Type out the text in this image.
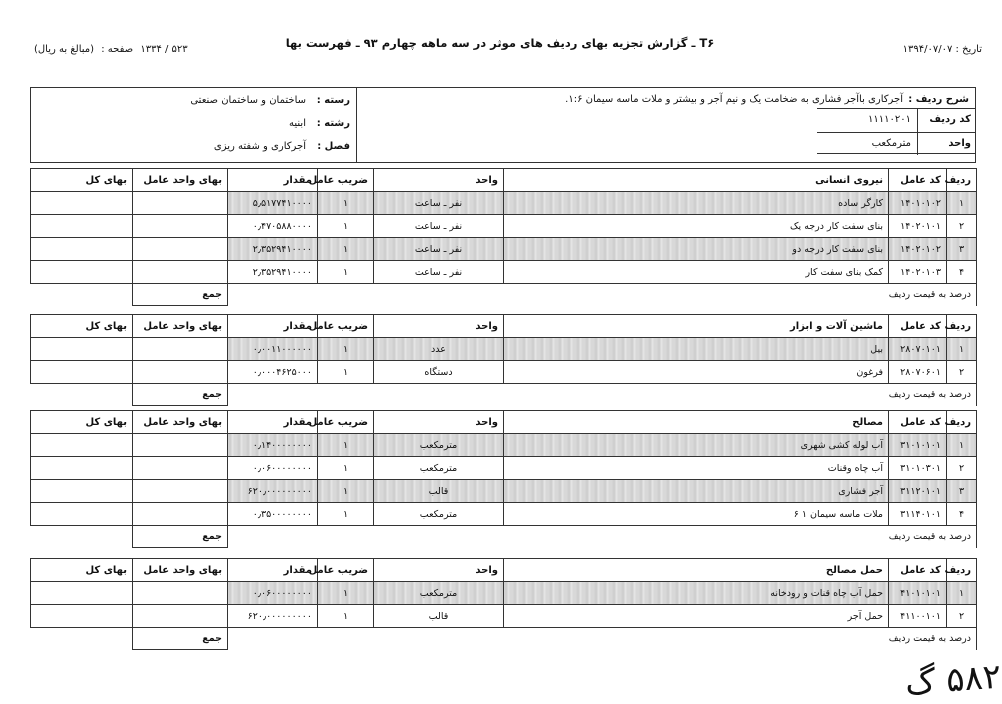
T۶ ـ گزارش تجزیه بهای ردیف های موثر در سه ماهه چهارم ۹۳ ـ فهرست بها	تاریخ : ۱۳۹۴/۰۷/۰۷
۵۲۳ / ۱۳۳۴ صفحه : (مبالغ به ریال)
شرح ردیف :
آجرکاری باآجر فشاری به ضخامت یک و نیم آجر و بیشتر و ملات ماسه سیمان ۱:۶.
کد ردیف
۱۱۱۱۰۲۰۱
واحد
مترمکعب
رسته :
ساختمان و ساختمان صنعتی
رشته :
ابنیه
فصل :
آجرکاری و شفته ریزی
ردیف	کد عامل	نیروی انسانی	واحد	ضریب عامل	مقدار	بهای واحد عامل	بهای کل
۱	۱۴۰۱۰۱۰۲	کارگر ساده	نفر ـ ساعت	۱	۵٫۵۱۷۷۴۱۰۰۰۰		
۲	۱۴۰۲۰۱۰۱	بنای سفت کار درجه یک	نفر ـ ساعت	۱	۰٫۴۷۰۵۸۸۰۰۰۰		
۳	۱۴۰۲۰۱۰۲	بنای سفت کار درجه دو	نفر ـ ساعت	۱	۲٫۳۵۲۹۴۱۰۰۰۰		
۴	۱۴۰۲۰۱۰۳	کمک بنای سفت کار	نفر ـ ساعت	۱	۲٫۳۵۲۹۴۱۰۰۰۰		
درصد به قیمت ردیف						جمع	
ردیف	کد عامل	ماشین آلات و ابزار	واحد	ضریب عامل	مقدار	بهای واحد عامل	بهای کل
۱	۲۸۰۷۰۱۰۱	بیل	عدد	۱	۰٫۰۰۱۱۰۰۰۰۰۰		
۲	۲۸۰۷۰۶۰۱	فرغون	دستگاه	۱	۰٫۰۰۰۴۶۲۵۰۰۰		
درصد به قیمت ردیف						جمع	
ردیف	کد عامل	مصالح	واحد	ضریب عامل	مقدار	بهای واحد عامل	بهای کل
۱	۳۱۰۱۰۱۰۱	آب لوله کشی شهری	مترمکعب	۱	۰٫۱۴۰۰۰۰۰۰۰۰		
۲	۳۱۰۱۰۳۰۱	آب چاه وقنات	مترمکعب	۱	۰٫۰۶۰۰۰۰۰۰۰۰		
۳	۳۱۱۲۰۱۰۱	آجر فشاری	قالب	۱	۶۲۰٫۰۰۰۰۰۰۰۰۰		
۴	۳۱۱۴۰۱۰۱	ملات ماسه سیمان ۱ ۶	مترمکعب	۱	۰٫۳۵۰۰۰۰۰۰۰۰		
درصد به قیمت ردیف						جمع	
ردیف	کد عامل	حمل مصالح	واحد	ضریب عامل	مقدار	بهای واحد عامل	بهای کل
۱	۴۱۰۱۰۱۰۱	حمل آب چاه قنات و رودخانه	مترمکعب	۱	۰٫۰۶۰۰۰۰۰۰۰۰		
۲	۴۱۱۰۰۱۰۱	حمل آجر	قالب	۱	۶۲۰٫۰۰۰۰۰۰۰۰۰		
درصد به قیمت ردیف						جمع	
۵۸۲ گ
